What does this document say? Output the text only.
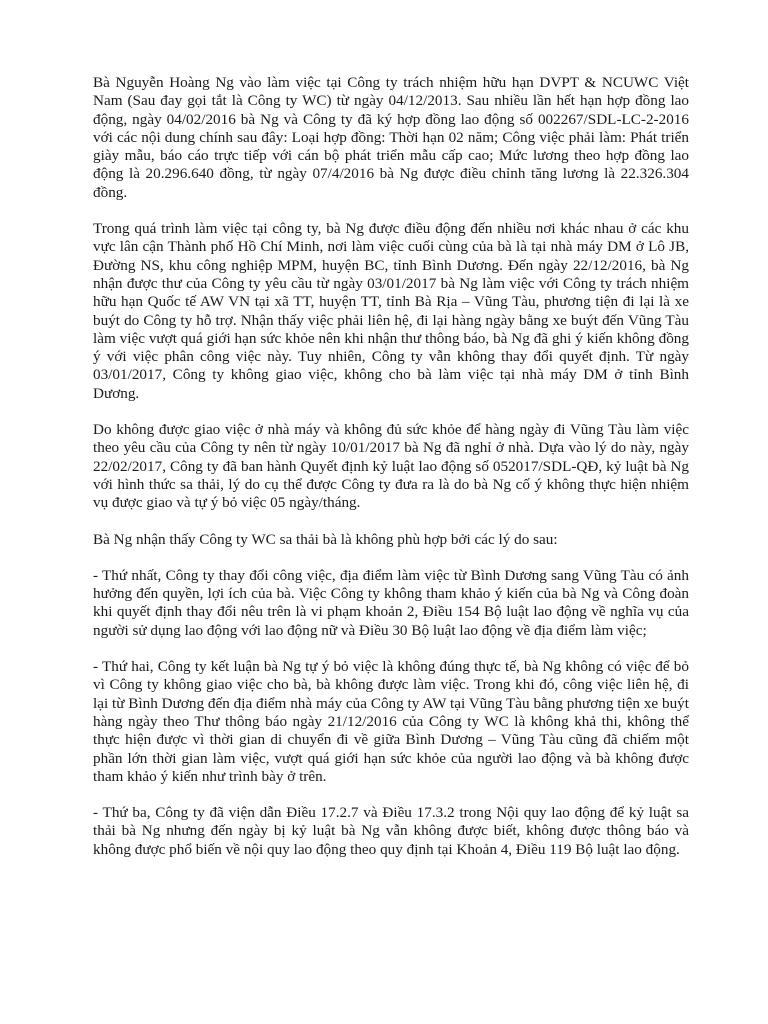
Bà Nguyễn Hoàng Ng vào làm việc tại Công ty trách nhiệm hữu hạn DVPT & NCUWC Việt Nam (Sau đay gọi tắt là Công ty WC) từ ngày 04/12/2013. Sau nhiều lần hết hạn hợp đồng lao động, ngày 04/02/2016 bà Ng và Công ty đã ký hợp đồng lao động số 002267/SDL-LC-2-2016 với các nội dung chính sau đây: Loại hợp đồng: Thời hạn 02 năm; Công việc phải làm: Phát triển giày mẫu, báo cáo trực tiếp với cán bộ phát triển mẫu cấp cao; Mức lương theo hợp đồng lao động là 20.296.640 đồng, từ ngày 07/4/2016 bà Ng được điều chỉnh tăng lương là 22.326.304 đồng.

Trong quá trình làm việc tại công ty, bà Ng được điều động đến nhiều nơi khác nhau ở các khu vực lân cận Thành phố Hồ Chí Minh, nơi làm việc cuối cùng của bà là tại nhà máy DM ở Lô JB, Đường NS, khu công nghiệp MPM, huyện BC, tỉnh Bình Dương. Đến ngày 22/12/2016, bà Ng nhận được thư của Công ty yêu cầu từ ngày 03/01/2017 bà Ng làm việc với Công ty trách nhiệm hữu hạn Quốc tế AW VN tại xã TT, huyện TT, tỉnh Bà Rịa – Vũng Tàu, phương tiện đi lại là xe buýt do Công ty hỗ trợ. Nhận thấy việc phải liên hệ, đi lại hàng ngày bằng xe buýt đến Vũng Tàu làm việc vượt quá giới hạn sức khỏe nên khi nhận thư thông báo, bà Ng đã ghi ý kiến không đồng ý với việc phân công việc này. Tuy nhiên, Công ty vẫn không thay đổi quyết định. Từ ngày 03/01/2017, Công ty không giao việc, không cho bà làm việc tại nhà máy DM ở tỉnh Bình Dương.

Do không được giao việc ở nhà máy và không đủ sức khỏe để hàng ngày đi Vũng Tàu làm việc theo yêu cầu của Công ty nên từ ngày 10/01/2017 bà Ng đã nghỉ ở nhà. Dựa vào lý do này, ngày 22/02/2017, Công ty đã ban hành Quyết định kỷ luật lao động số 052017/SDL-QĐ, kỷ luật bà Ng với hình thức sa thải, lý do cụ thể được Công ty đưa ra là do bà Ng cố ý không thực hiện nhiệm vụ được giao và tự ý bỏ việc 05 ngày/tháng.

Bà Ng nhận thấy Công ty WC sa thải bà là không phù hợp bởi các lý do sau:

- Thứ nhất, Công ty thay đổi công việc, địa điểm làm việc từ Bình Dương sang Vũng Tàu có ảnh hưởng đến quyền, lợi ích của bà. Việc Công ty không tham khảo ý kiến của bà Ng và Công đoàn khi quyết định thay đổi nêu trên là vi phạm khoản 2, Điều 154 Bộ luật lao động về nghĩa vụ của người sử dụng lao động với lao động nữ và Điều 30 Bộ luật lao động về địa điểm làm việc;

- Thứ hai, Công ty kết luận bà Ng tự ý bỏ việc là không đúng thực tế, bà Ng không có việc để bỏ vì Công ty không giao việc cho bà, bà không được làm việc. Trong khi đó, công việc liên hệ, đi lại từ Bình Dương đến địa điểm nhà máy của Công ty AW tại Vũng Tàu bằng phương tiện xe buýt hàng ngày theo Thư thông báo ngày 21/12/2016 của Công ty WC là không khả thi, không thể thực hiện được vì thời gian di chuyển đi về giữa Bình Dương – Vũng Tàu cũng đã chiếm một phần lớn thời gian làm việc, vượt quá giới hạn sức khỏe của người lao động và bà không được tham khảo ý kiến như trình bày ở trên.

- Thứ ba, Công ty đã viện dẫn Điều 17.2.7 và Điều 17.3.2 trong Nội quy lao động để kỷ luật sa thải bà Ng nhưng đến ngày bị kỷ luật bà Ng vẫn không được biết, không được thông báo và không được phổ biến về nội quy lao động theo quy định tại Khoản 4, Điều 119 Bộ luật lao động.
